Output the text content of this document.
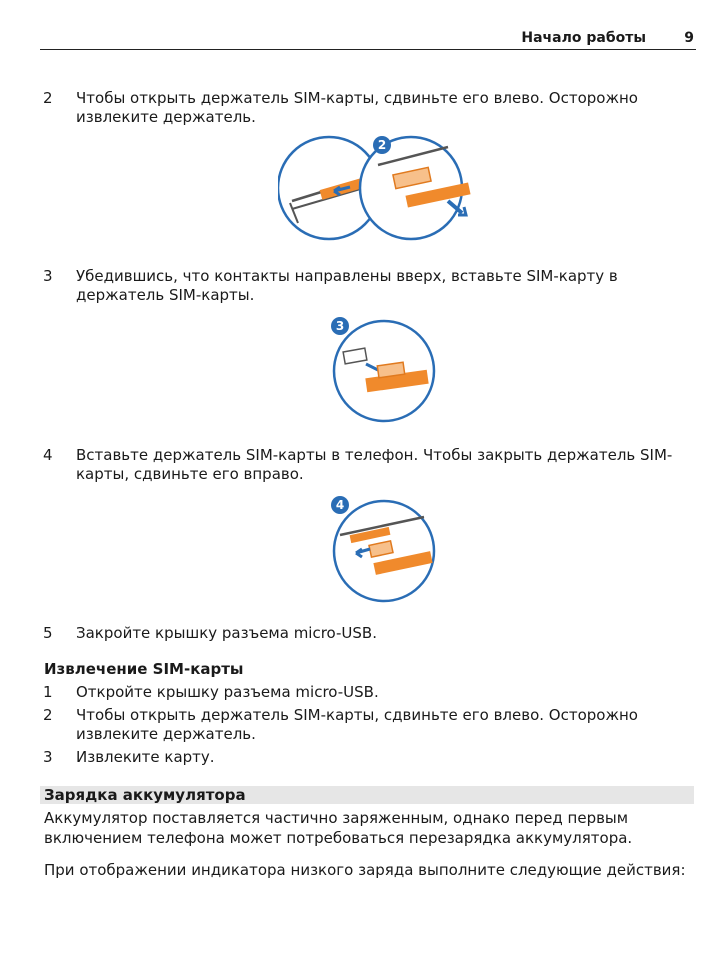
Начало работы	9
2 Чтобы открыть держатель SIM-карты, сдвиньте его влево. Осторожно извлеките держатель.
2
3 Убедившись, что контакты направлены вверх, вставьте SIM-карту в держатель SIM-карты.
3
4 Вставьте держатель SIM-карты в телефон. Чтобы закрыть держатель SIM-карты, сдвиньте его вправо.
4
5 Закройте крышку разъема micro-USB.
Извлечение SIM-карты
1 Откройте крышку разъема micro-USB.
2 Чтобы открыть держатель SIM-карты, сдвиньте его влево. Осторожно извлеките держатель.
3 Извлеките карту.
Зарядка аккумулятора
Аккумулятор поставляется частично заряженным, однако перед первым включением телефона может потребоваться перезарядка аккумулятора.
При отображении индикатора низкого заряда выполните следующие действия:
